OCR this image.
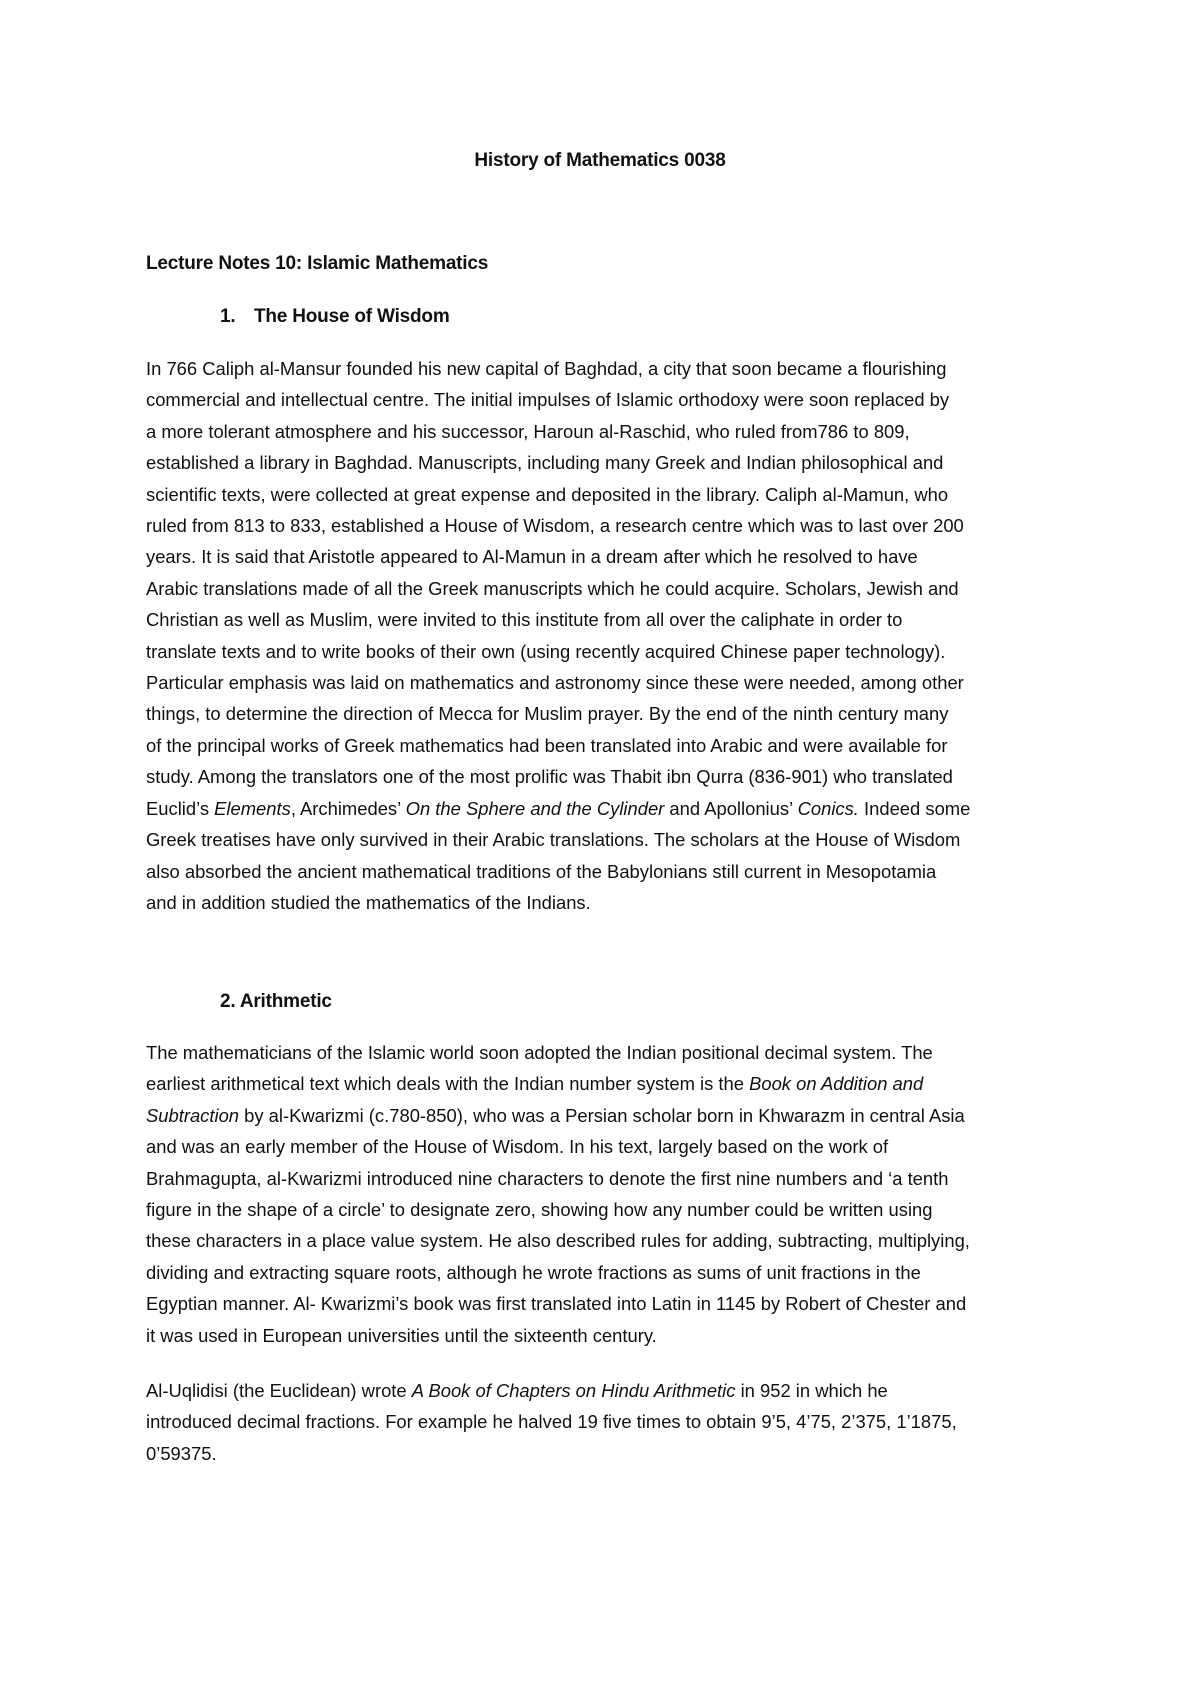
History of Mathematics 0038
Lecture Notes 10: Islamic Mathematics
1. The House of Wisdom

In 766 Caliph al-Mansur founded his new capital of Baghdad, a city that soon became a flourishing
commercial and intellectual centre. The initial impulses of Islamic orthodoxy were soon replaced by
a more tolerant atmosphere and his successor, Haroun al-Raschid, who ruled from786 to 809,
established a library in Baghdad. Manuscripts, including many Greek and Indian philosophical and
scientific texts, were collected at great expense and deposited in the library. Caliph al-Mamun, who
ruled from 813 to 833, established a House of Wisdom, a research centre which was to last over 200
years. It is said that Aristotle appeared to Al-Mamun in a dream after which he resolved to have
Arabic translations made of all the Greek manuscripts which he could acquire. Scholars, Jewish and
Christian as well as Muslim, were invited to this institute from all over the caliphate in order to
translate texts and to write books of their own (using recently acquired Chinese paper technology).
Particular emphasis was laid on mathematics and astronomy since these were needed, among other
things, to determine the direction of Mecca for Muslim prayer. By the end of the ninth century many
of the principal works of Greek mathematics had been translated into Arabic and were available for
study. Among the translators one of the most prolific was Thabit ibn Qurra (836-901) who translated
Euclid’s Elements, Archimedes’ On the Sphere and the Cylinder and Apollonius’ Conics. Indeed some
Greek treatises have only survived in their Arabic translations. The scholars at the House of Wisdom
also absorbed the ancient mathematical traditions of the Babylonians still current in Mesopotamia
and in addition studied the mathematics of the Indians.

2. Arithmetic

The mathematicians of the Islamic world soon adopted the Indian positional decimal system. The
earliest arithmetical text which deals with the Indian number system is the Book on Addition and
Subtraction by al-Kwarizmi (c.780-850), who was a Persian scholar born in Khwarazm in central Asia
and was an early member of the House of Wisdom. In his text, largely based on the work of
Brahmagupta, al-Kwarizmi introduced nine characters to denote the first nine numbers and ‘a tenth
figure in the shape of a circle’ to designate zero, showing how any number could be written using
these characters in a place value system. He also described rules for adding, subtracting, multiplying,
dividing and extracting square roots, although he wrote fractions as sums of unit fractions in the
Egyptian manner. Al- Kwarizmi’s book was first translated into Latin in 1145 by Robert of Chester and
it was used in European universities until the sixteenth century.

Al-Uqlidisi (the Euclidean) wrote A Book of Chapters on Hindu Arithmetic in 952 in which he
introduced decimal fractions. For example he halved 19 five times to obtain 9’5, 4’75, 2’375, 1’1875,
0’59375.
